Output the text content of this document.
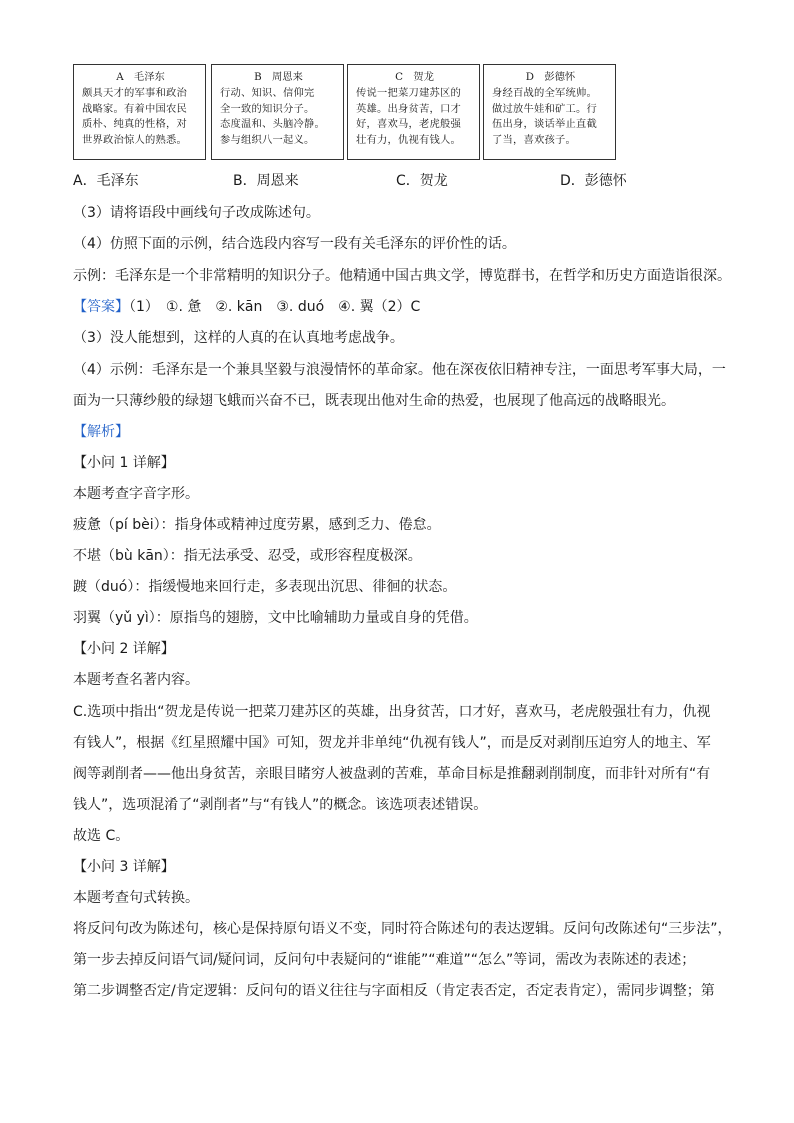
A　毛泽东
颇具天才的军事和政治
战略家。有着中国农民
质朴、纯真的性格，对
世界政治惊人的熟悉。
B　周恩来
行动、知识、信仰完
全一致的知识分子。
态度温和、头脑冷静。
参与组织八一起义。
C　贺龙
传说一把菜刀建苏区的
英雄。出身贫苦，口才
好，喜欢马，老虎般强
壮有力，仇视有钱人。
D　彭德怀
身经百战的全军统帅。
做过放牛娃和矿工。行
伍出身，谈话举止直截
了当，喜欢孩子。
A．毛泽东	B．周恩来	C．贺龙	D．彭德怀
（3）请将语段中画线句子改成陈述句。
（4）仿照下面的示例，结合选段内容写一段有关毛泽东的评价性的话。
示例：毛泽东是一个非常精明的知识分子。他精通中国古典文学，博览群书，在哲学和历史方面造诣很深。
【答案】（1）　①. 惫　②. kān　③. duó　④. 翼（2）C
（3）没人能想到，这样的人真的在认真地考虑战争。
（4）示例：毛泽东是一个兼具坚毅与浪漫情怀的革命家。他在深夜依旧精神专注，一面思考军事大局，一
面为一只薄纱般的绿翅飞蛾而兴奋不已，既表现出他对生命的热爱，也展现了他高远的战略眼光。
【解析】
【小问 1 详解】
本题考查字音字形。
疲惫（pí bèi）：指身体或精神过度劳累，感到乏力、倦怠。
不堪（bù kān）：指无法承受、忍受，或形容程度极深。
踱（duó）：指缓慢地来回行走，多表现出沉思、徘徊的状态。
羽翼（yǔ yì）：原指鸟的翅膀，文中比喻辅助力量或自身的凭借。
【小问 2 详解】
本题考查名著内容。
C.选项中指出“贺龙是传说一把菜刀建苏区的英雄，出身贫苦，口才好，喜欢马，老虎般强壮有力，仇视
有钱人”，根据《红星照耀中国》可知，贺龙并非单纯“仇视有钱人”，而是反对剥削压迫穷人的地主、军
阀等剥削者——他出身贫苦，亲眼目睹穷人被盘剥的苦难，革命目标是推翻剥削制度，而非针对所有“有
钱人”，选项混淆了“剥削者”与“有钱人”的概念。该选项表述错误。
故选 C。
【小问 3 详解】
本题考查句式转换。
将反问句改为陈述句，核心是保持原句语义不变，同时符合陈述句的表达逻辑。反问句改陈述句“三步法”，
第一步去掉反问语气词/疑问词，反问句中表疑问的“谁能”“难道”“怎么”等词，需改为表陈述的表述；
第二步调整否定/肯定逻辑：反问句的语义往往与字面相反（肯定表否定，否定表肯定），需同步调整；第
